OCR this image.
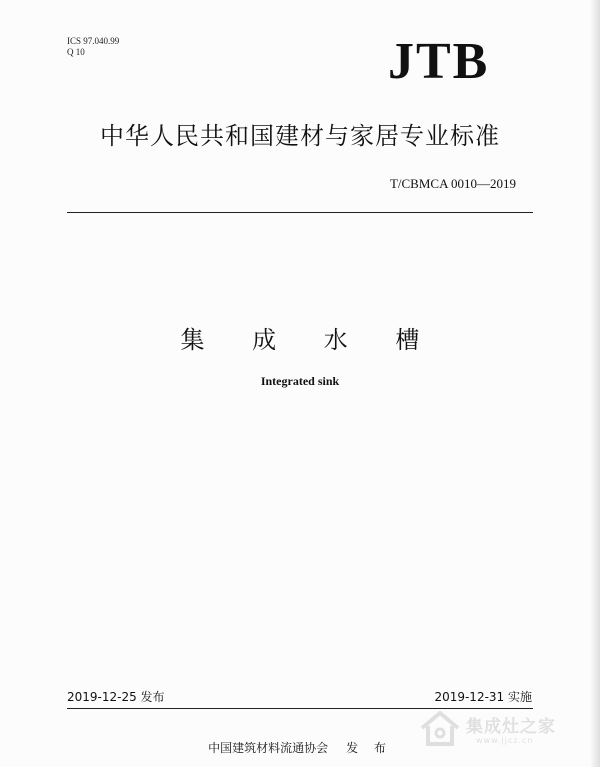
ICS 97.040.99
Q 10	JTB
中华人民共和国建材与家居专业标准
T/CBMCA 0010—2019
集 成 水 槽
Integrated sink
2019-12-25 发布	2019-12-31 实施
中国建筑材料流通协会 发 布
集成灶之家
www.jjcz.cn
